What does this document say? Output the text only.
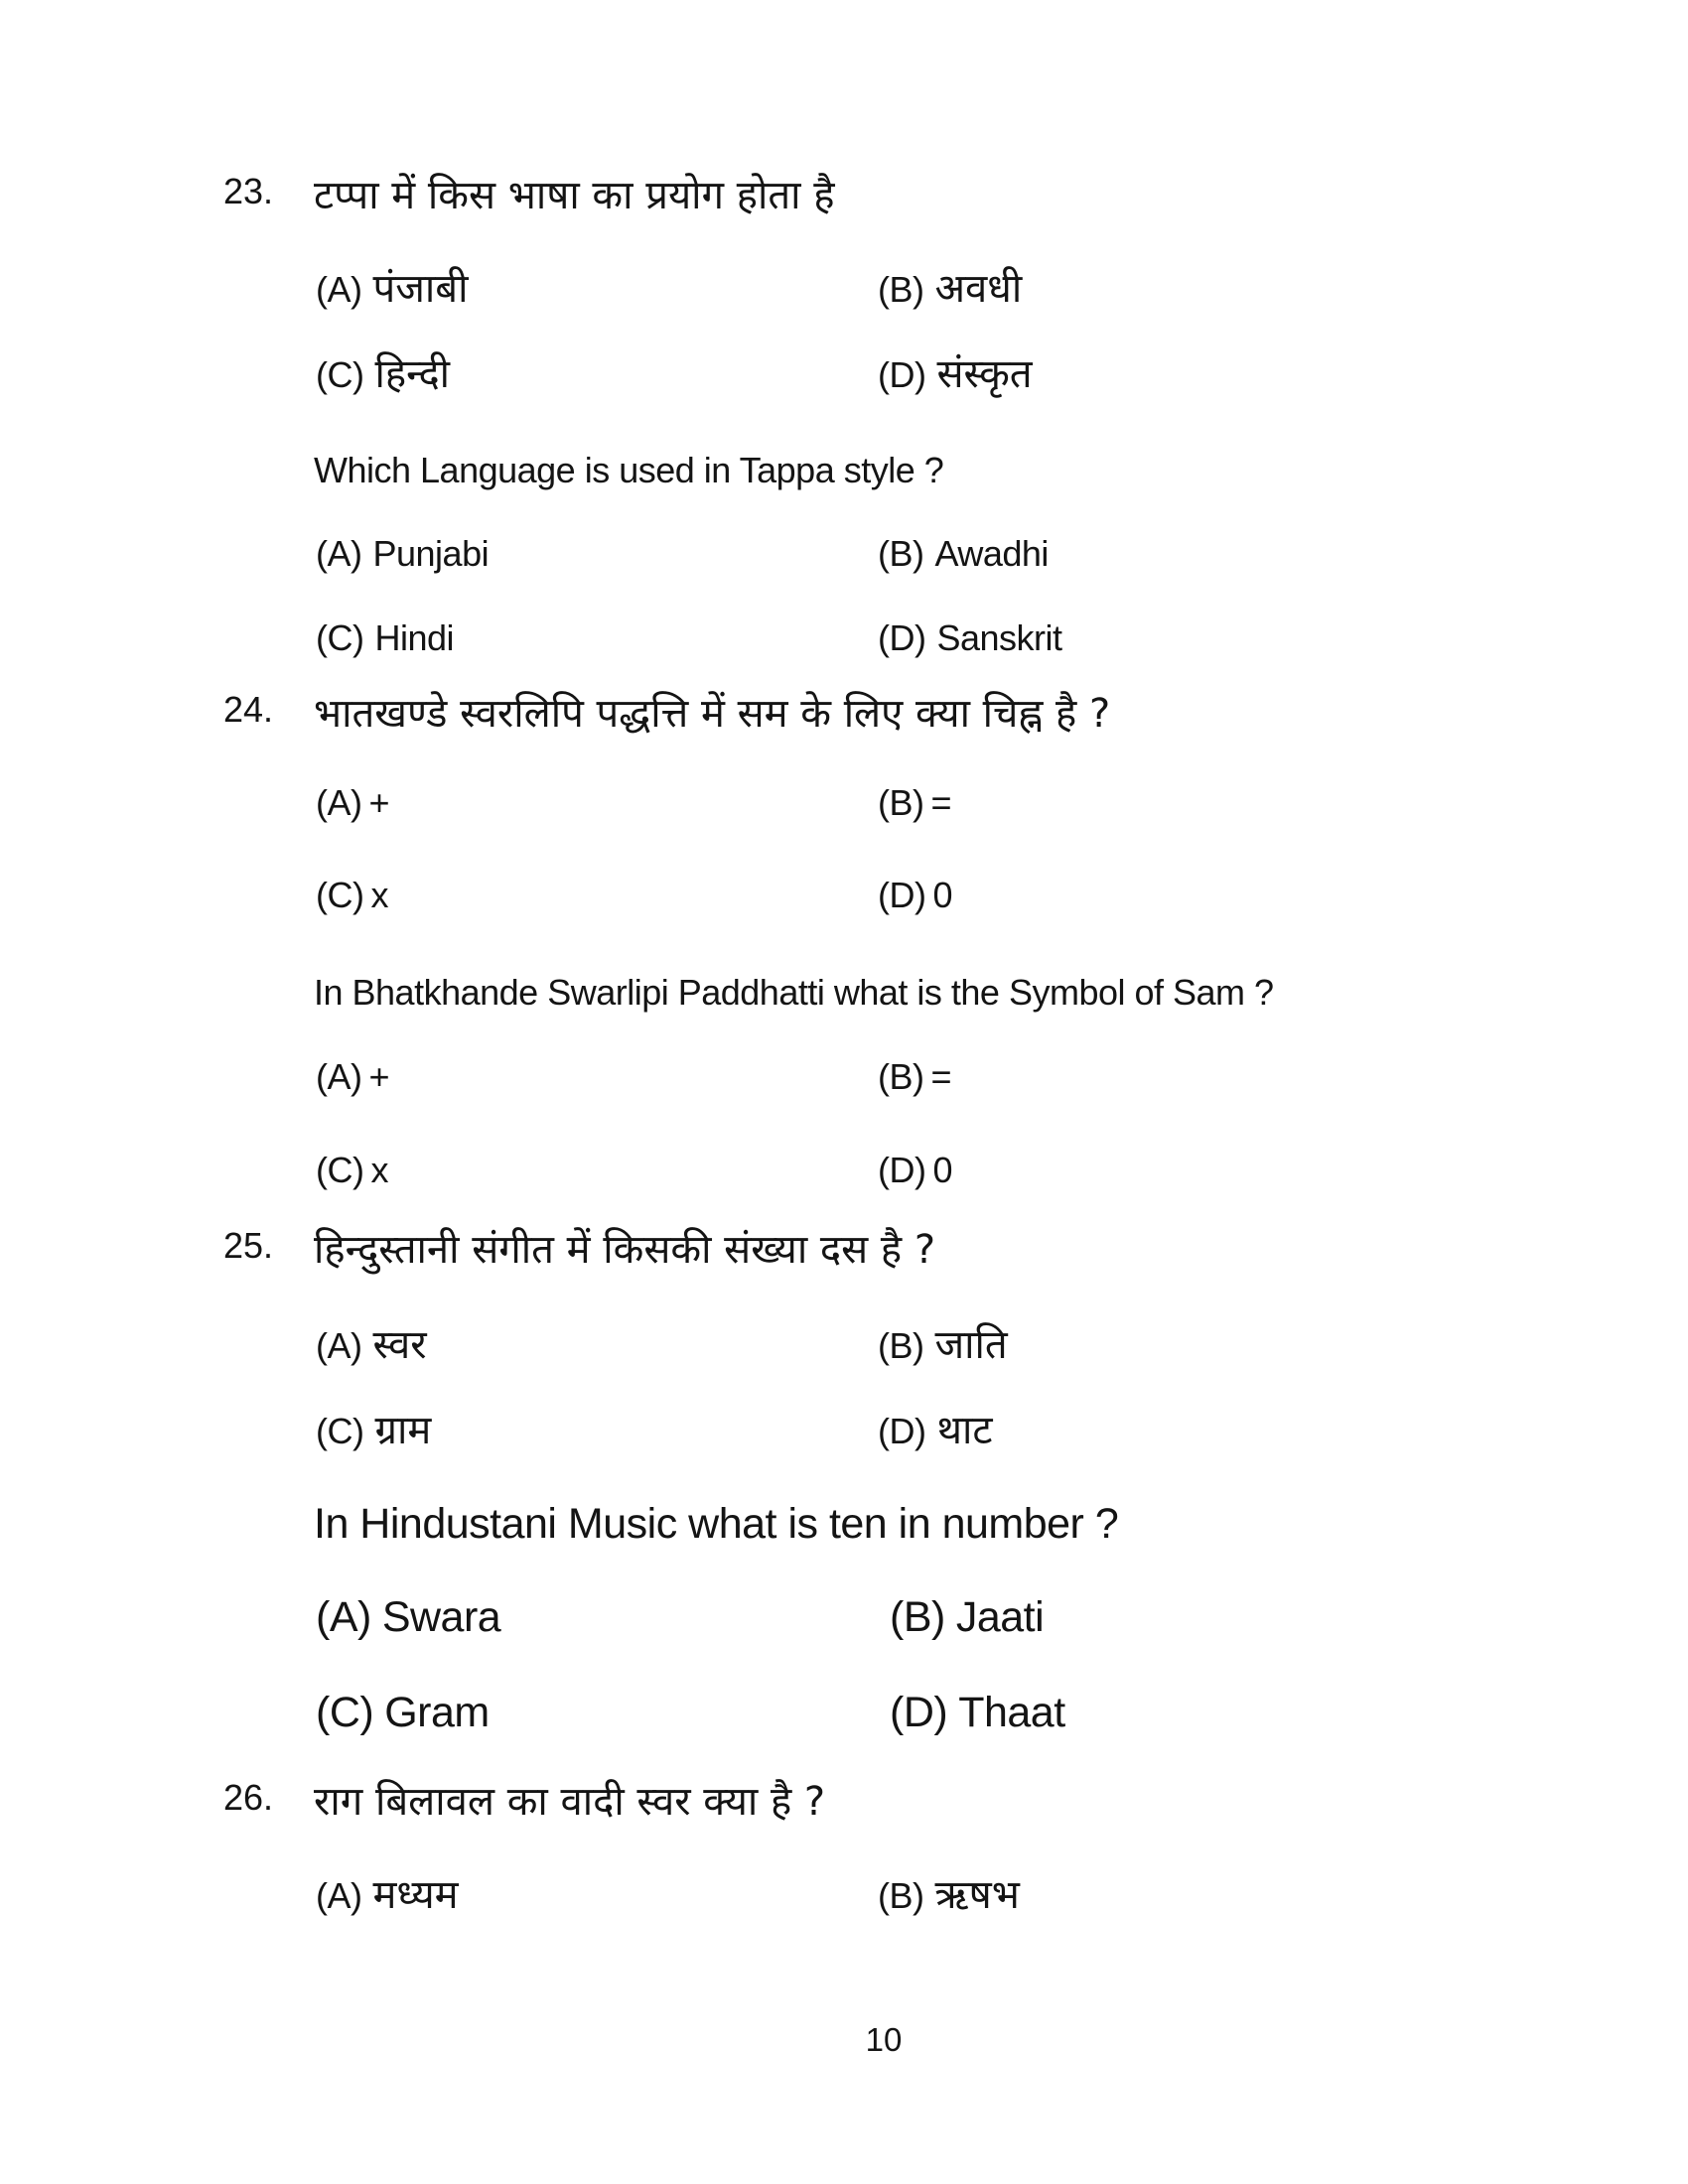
23. टप्पा में किस भाषा का प्रयोग होता है
(A) पंजाबी	(B) अवधी
(C) हिन्दी	(D) संस्कृत
Which Language is used in Tappa style ?
(A) Punjabi	(B) Awadhi
(C) Hindi	(D) Sanskrit
24. भातखण्डे स्वरलिपि पद्धत्ति में सम के लिए क्या चिह्न है ?
(A) +	(B) =
(C) x	(D) 0
In Bhatkhande Swarlipi Paddhatti what is the Symbol of Sam ?
(A) +	(B) =
(C) x	(D) 0
25. हिन्दुस्तानी संगीत में किसकी संख्या दस है ?
(A) स्वर	(B) जाति
(C) ग्राम	(D) थाट
In Hindustani Music what is ten in number ?
(A) Swara	(B) Jaati
(C) Gram	(D) Thaat
26. राग बिलावल का वादी स्वर क्या है ?
(A) मध्यम	(B) ऋषभ
10
